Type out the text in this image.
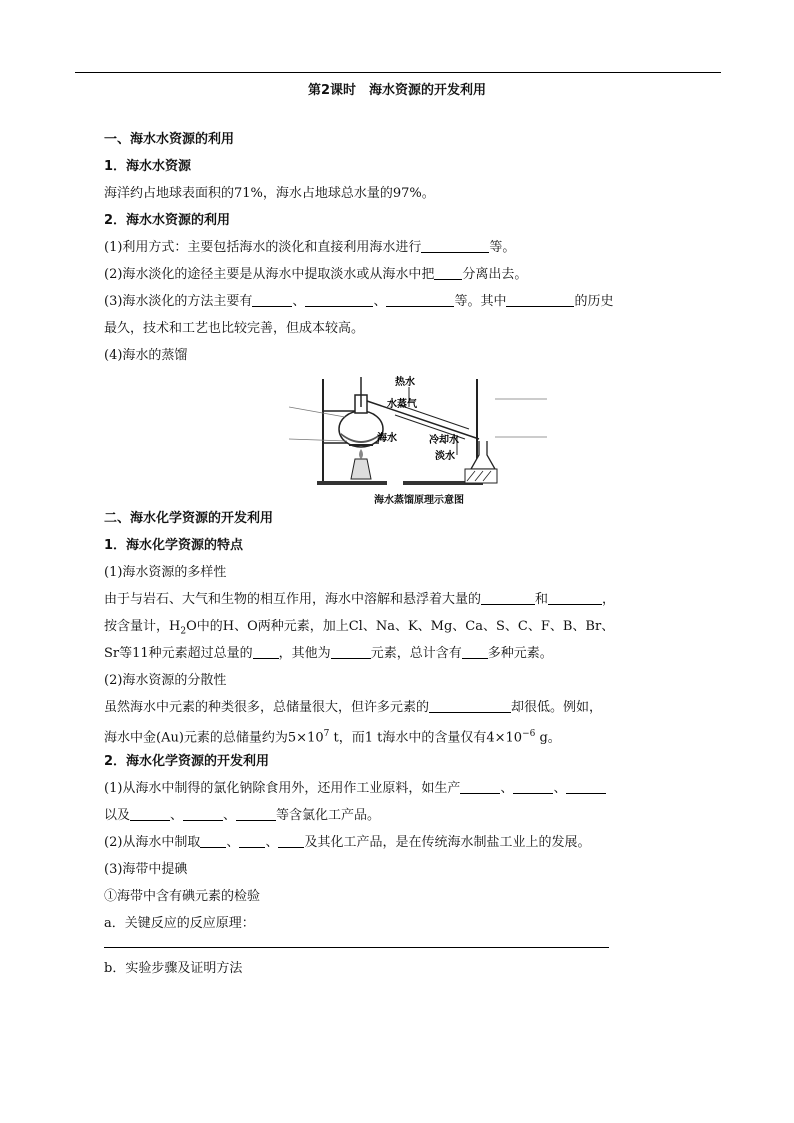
第2课时　海水资源的开发利用
一、海水水资源的利用
1．海水水资源
海洋约占地球表面积的71%，海水占地球总水量的97%。
2．海水水资源的利用
(1)利用方式：主要包括海水的淡化和直接利用海水进行	等。
(2)海水淡化的途径主要是从海水中提取淡水或从海水中把 分离出去。
(3)海水淡化的方法主要有	、	、	等。其中	的历史
最久，技术和工艺也比较完善，但成本较高。
(4)海水的蒸馏
热水
水蒸气
海水	冷却水
淡水
海水蒸馏原理示意图
二、海水化学资源的开发利用
1．海水化学资源的特点
(1)海水资源的多样性
由于与岩石、大气和生物的相互作用，海水中溶解和悬浮着大量的	和	，
按含量计，$H_2O$中的H、O两种元素，加上Cl、Na、K、Mg、Ca、S、C、F、B、Br、
Sr等11种元素超过总量的 ，其他为	元素，总计含有 多种元素。
(2)海水资源的分散性
虽然海水中元素的种类很多，总储量很大，但许多元素的	却很低。例如，
海水中金(Au)元素的总储量约为$5\times 10^7$ t，而1 t海水中的含量仅有$4\times 10^{-6}$ g。
2．海水化学资源的开发利用
(1)从海水中制得的氯化钠除食用外，还用作工业原料，如生产	、	、
以及	、	、	等含氯化工产品。
(2)从海水中制取 、 、 及其化工产品，是在传统海水制盐工业上的发展。
(3)海带中提碘
①海带中含有碘元素的检验
a．关键反应的反应原理：
b．实验步骤及证明方法
